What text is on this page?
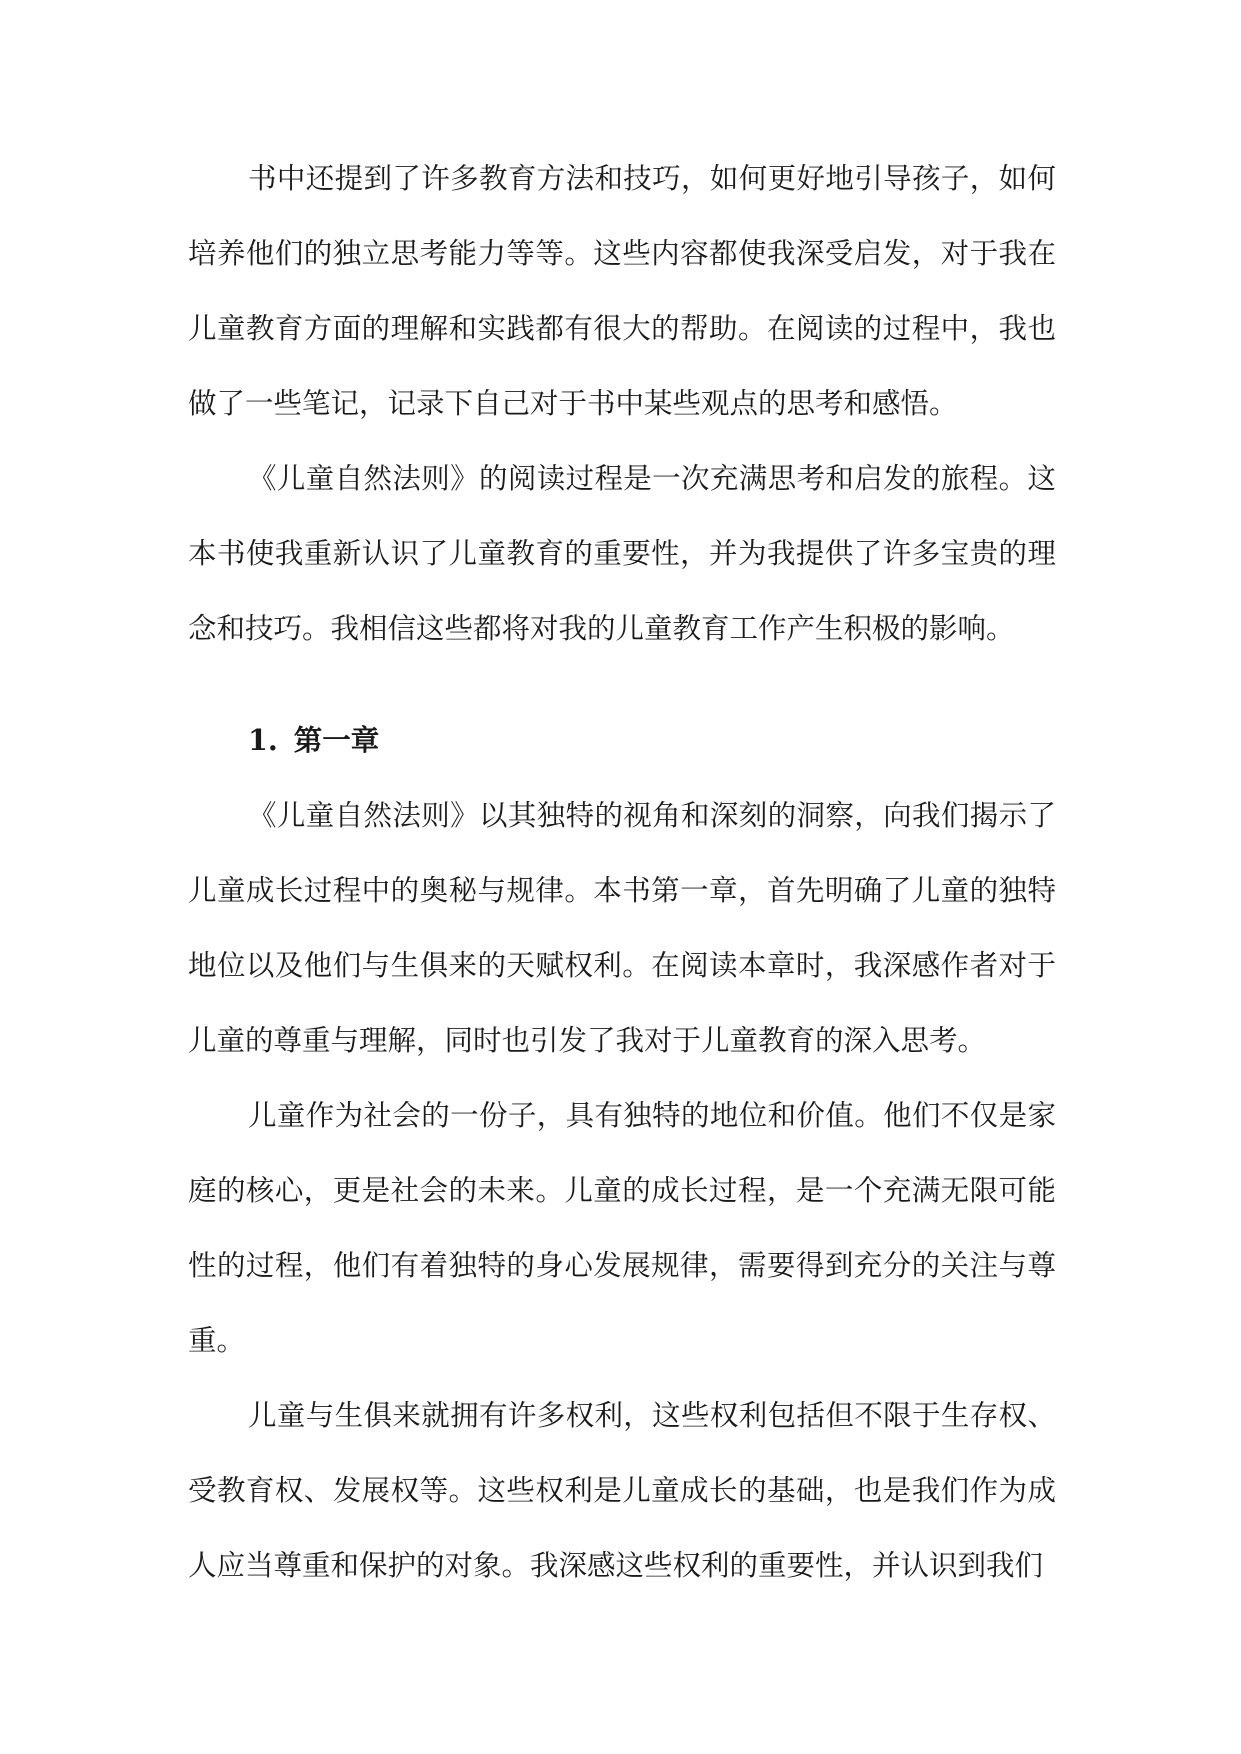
书中还提到了许多教育方法和技巧，如何更好地引导孩子，如何培养他们的独立思考能力等等。这些内容都使我深受启发，对于我在儿童教育方面的理解和实践都有很大的帮助。在阅读的过程中，我也做了一些笔记，记录下自己对于书中某些观点的思考和感悟。

《儿童自然法则》的阅读过程是一次充满思考和启发的旅程。这本书使我重新认识了儿童教育的重要性，并为我提供了许多宝贵的理念和技巧。我相信这些都将对我的儿童教育工作产生积极的影响。

1. 第一章

《儿童自然法则》以其独特的视角和深刻的洞察，向我们揭示了儿童成长过程中的奥秘与规律。本书第一章，首先明确了儿童的独特地位以及他们与生俱来的天赋权利。在阅读本章时，我深感作者对于儿童的尊重与理解，同时也引发了我对于儿童教育的深入思考。

儿童作为社会的一份子，具有独特的地位和价值。他们不仅是家庭的核心，更是社会的未来。儿童的成长过程，是一个充满无限可能性的过程，他们有着独特的身心发展规律，需要得到充分的关注与尊重。

儿童与生俱来就拥有许多权利，这些权利包括但不限于生存权、受教育权、发展权等。这些权利是儿童成长的基础，也是我们作为成人应当尊重和保护的对象。我深感这些权利的重要性，并认识到我们
